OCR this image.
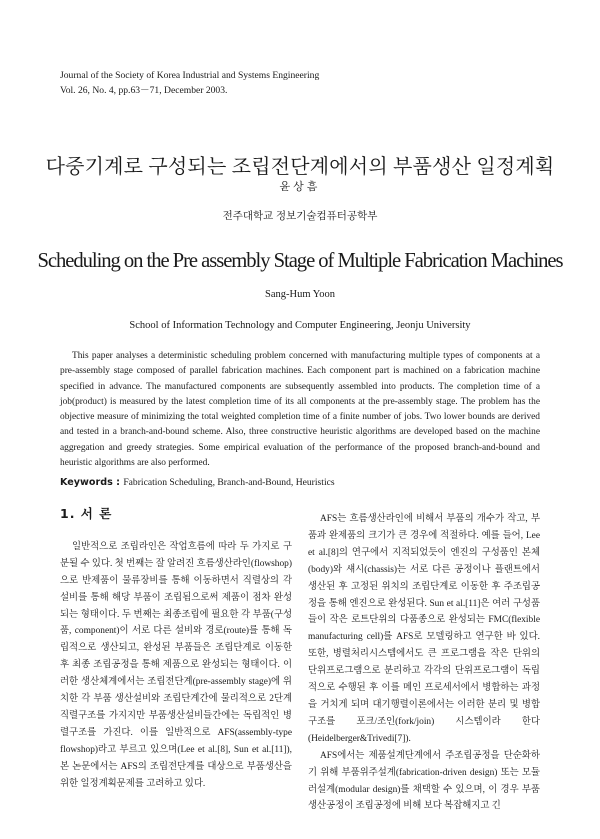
Journal of the Society of Korea Industrial and Systems Engineering
Vol. 26, No. 4, pp.63－71, December 2003.
다중기계로 구성되는 조립전단계에서의 부품생산 일정계획
윤상흠
전주대학교 정보기술컴퓨터공학부
Scheduling on the Pre assembly Stage of Multiple Fabrication Machines
Sang-Hum Yoon
School of Information Technology and Computer Engineering, Jeonju University
This paper analyses a deterministic scheduling problem concerned with manufacturing multiple types of components at a pre-assembly stage composed of parallel fabrication machines. Each component part is machined on a fabrication machine specified in advance. The manufactured components are subsequently assembled into products. The completion time of a job(product) is measured by the latest completion time of its all components at the pre-assembly stage. The problem has the objective measure of minimizing the total weighted completion time of a finite number of jobs. Two lower bounds are derived and tested in a branch-and-bound scheme. Also, three constructive heuristic algorithms are developed based on the machine aggregation and greedy strategies. Some empirical evaluation of the performance of the proposed branch-and-bound and heuristic algorithms are also performed.
Keywords : Fabrication Scheduling, Branch-and-Bound, Heuristics
1. 서 론

일반적으로 조립라인은 작업흐름에 따라 두 가지로 구분될 수 있다. 첫 번째는 잘 알려진 흐름생산라인(flowshop)으로 반제품이 물류장비를 통해 이동하면서 직렬상의 각 설비를 통해 해당 부품이 조립됨으로써 제품이 점차 완성되는 형태이다. 두 번째는 최종조립에 필요한 각 부품(구성품, component)이 서로 다른 설비와 경로(route)를 통해 독립적으로 생산되고, 완성된 부품들은 조립단계로 이동한 후 최종 조립공정을 통해 제품으로 완성되는 형태이다. 이러한 생산체계에서는 조립전단계(pre-assembly stage)에 위치한 각 부품 생산설비와 조립단계간에 물리적으로 2단계 직렬구조를 가지지만 부품생산설비들간에는 독립적인 병렬구조를 가진다. 이를 일반적으로 AFS(assembly-type flowshop)라고 부르고 있으며(Lee et al.[8], Sun et al.[11]), 본 논문에서는 AFS의 조립전단계를 대상으로 부품생산을 위한 일정계획문제를 고려하고 있다.

AFS는 흐름생산라인에 비해서 부품의 개수가 작고, 부품과 완제품의 크기가 큰 경우에 적절하다. 예를 들어, Lee et al.[8]의 연구에서 지적되었듯이 엔진의 구성품인 본체(body)와 섀시(chassis)는 서로 다른 공정이나 플랜트에서 생산된 후 고정된 위치의 조립단계로 이동한 후 주조립공정을 통해 엔진으로 완성된다. Sun et al.[11]은 여러 구성품들이 작은 로트단위의 다품종으로 완성되는 FMC(flexible manufacturing cell)를 AFS로 모델링하고 연구한 바 있다. 또한, 병렬처리시스템에서도 큰 프로그램을 작은 단위의 단위프로그램으로 분리하고 각각의 단위프로그램이 독립적으로 수행된 후 이를 메인 프로세서에서 병합하는 과정을 거치게 되며 대기행렬이론에서는 이러한 분리 및 병합구조를 포크/조인(fork/join) 시스템이라 한다(Heidelberger&Trivedi[7]).

AFS에서는 제품설계단계에서 주조립공정을 단순화하기 위해 부품위주설계(fabrication-driven design) 또는 모듈러설계(modular design)를 채택할 수 있으며, 이 경우 부품생산공정이 조립공정에 비해 보다 복잡해지고 긴
